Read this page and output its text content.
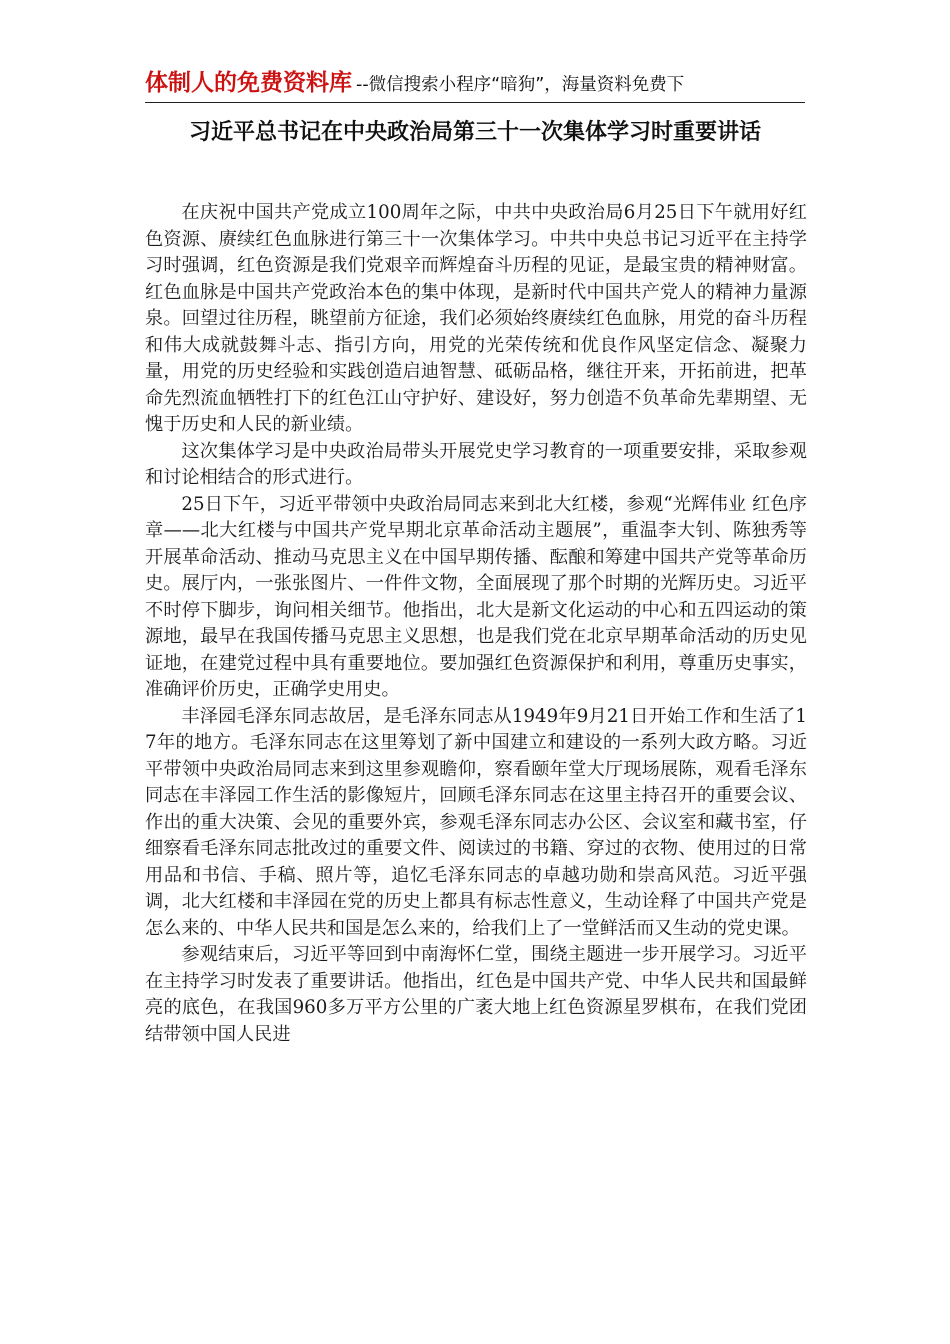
体制人的免费资料库 --微信搜索小程序“暗狗”，海量资料免费下
习近平总书记在中央政治局第三十一次集体学习时重要讲话

在庆祝中国共产党成立100周年之际，中共中央政治局6月25日下午就用好红色资源、赓续红色血脉进行第三十一次集体学习。中共中央总书记习近平在主持学习时强调，红色资源是我们党艰辛而辉煌奋斗历程的见证，是最宝贵的精神财富。红色血脉是中国共产党政治本色的集中体现，是新时代中国共产党人的精神力量源泉。回望过往历程，眺望前方征途，我们必须始终赓续红色血脉，用党的奋斗历程和伟大成就鼓舞斗志、指引方向，用党的光荣传统和优良作风坚定信念、凝聚力量，用党的历史经验和实践创造启迪智慧、砥砺品格，继往开来，开拓前进，把革命先烈流血牺牲打下的红色江山守护好、建设好，努力创造不负革命先辈期望、无愧于历史和人民的新业绩。

这次集体学习是中央政治局带头开展党史学习教育的一项重要安排，采取参观和讨论相结合的形式进行。

25日下午，习近平带领中央政治局同志来到北大红楼，参观“光辉伟业 红色序章——北大红楼与中国共产党早期北京革命活动主题展”，重温李大钊、陈独秀等开展革命活动、推动马克思主义在中国早期传播、酝酿和筹建中国共产党等革命历史。展厅内，一张张图片、一件件文物，全面展现了那个时期的光辉历史。习近平不时停下脚步，询问相关细节。他指出，北大是新文化运动的中心和五四运动的策源地，最早在我国传播马克思主义思想，也是我们党在北京早期革命活动的历史见证地，在建党过程中具有重要地位。要加强红色资源保护和利用，尊重历史事实，准确评价历史，正确学史用史。

丰泽园毛泽东同志故居，是毛泽东同志从1949年9月21日开始工作和生活了17年的地方。毛泽东同志在这里筹划了新中国建立和建设的一系列大政方略。习近平带领中央政治局同志来到这里参观瞻仰，察看颐年堂大厅现场展陈，观看毛泽东同志在丰泽园工作生活的影像短片，回顾毛泽东同志在这里主持召开的重要会议、作出的重大决策、会见的重要外宾，参观毛泽东同志办公区、会议室和藏书室，仔细察看毛泽东同志批改过的重要文件、阅读过的书籍、穿过的衣物、使用过的日常用品和书信、手稿、照片等，追忆毛泽东同志的卓越功勋和崇高风范。习近平强调，北大红楼和丰泽园在党的历史上都具有标志性意义，生动诠释了中国共产党是怎么来的、中华人民共和国是怎么来的，给我们上了一堂鲜活而又生动的党史课。

参观结束后，习近平等回到中南海怀仁堂，围绕主题进一步开展学习。习近平在主持学习时发表了重要讲话。他指出，红色是中国共产党、中华人民共和国最鲜亮的底色，在我国960多万平方公里的广袤大地上红色资源星罗棋布，在我们党团结带领中国人民进
